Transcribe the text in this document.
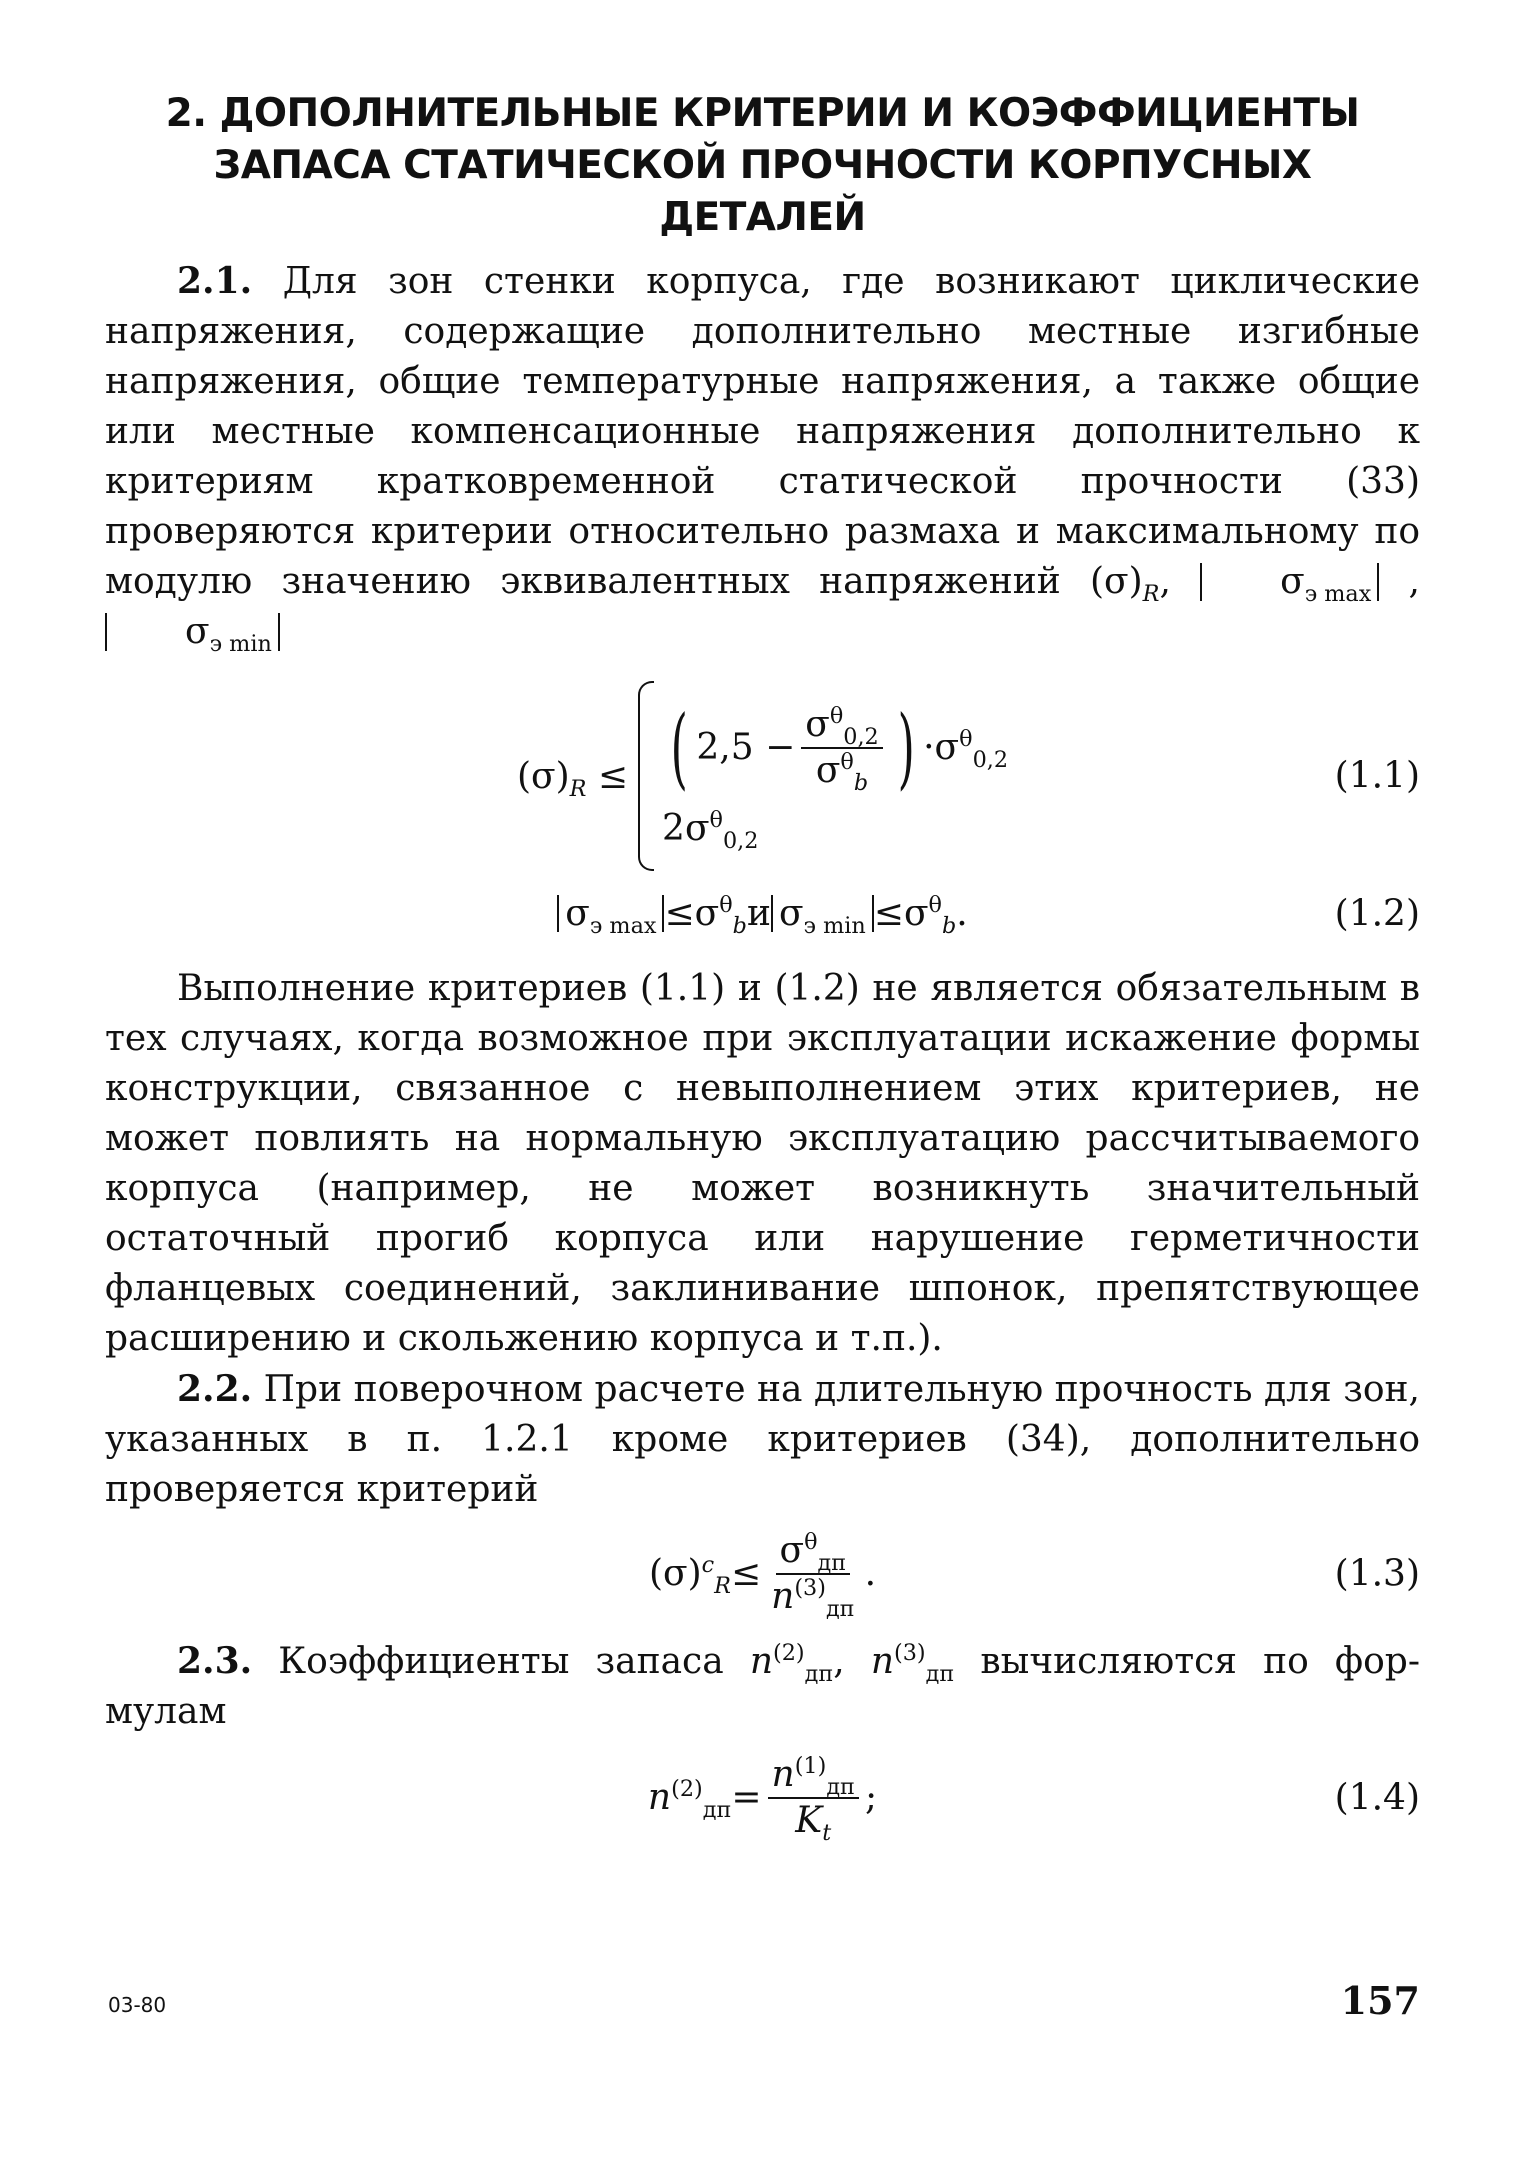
2. ДОПОЛНИТЕЛЬНЫЕ КРИТЕРИИ И КОЭФФИЦИЕНТЫ
ЗАПАСА СТАТИЧЕСКОЙ ПРОЧНОСТИ КОРПУСНЫХ ДЕТАЛЕЙ

2.1. Для зон стенки корпуса, где возникают циклические напряжения, содержащие дополнительно местные изгибные напряжения, общие температурные напряжения, а также общие или местные компенсационные напряжения дополнительно к критериям кратковременной статической прочности (33) проверяются критерии относительно размаха и максимальному по модулю значению эквивалентных напряжений $(\sigma)_R$, $\sigma_{э max}$ , $\sigma_{э min}$

$(\sigma)_R$ ≤ ( $2,5 - \frac{\sigma^\theta_{0,2}}{\sigma^\theta_b}$ ) · $\sigma^\theta_{0,2}$
$2\sigma^\theta_{0,2}$
(1.1)
$\sigma_{э max} \le \sigma^\theta_b$ и $\sigma_{э min} \le \sigma^\theta_b$ .	(1.2)

Выполнение критериев (1.1) и (1.2) не является обязательным в тех случаях, когда возможное при эксплуатации искажение формы конструкции, связанное с невыполнением этих критериев, не может повлиять на нормальную эксплуатацию рассчитываемого корпуса (например, не может возникнуть значительный остаточный прогиб корпуса или нарушение герметичности фланцевых соединений, заклинивание шпонок, препятствующее расширению и скольжению корпуса и т.п.).

2.2. При поверочном расчете на длительную прочность для зон, указанных в п. 1.2.1 кроме критериев (34), дополнительно проверяется критерий

$(\sigma)^c_R \le \frac{\sigma^\theta_{дп}}{n^{(3)}_{дп}}$ .	(1.3)

2.3. Коэффициенты запаса $n^{(2)}_{дп}$, $n^{(3)}_{дп}$ вычисляются по формулам

$n^{(2)}_{дп} = \frac{n^{(1)}_{дп}}{K_t}$ ;	(1.4)
03-80	157
